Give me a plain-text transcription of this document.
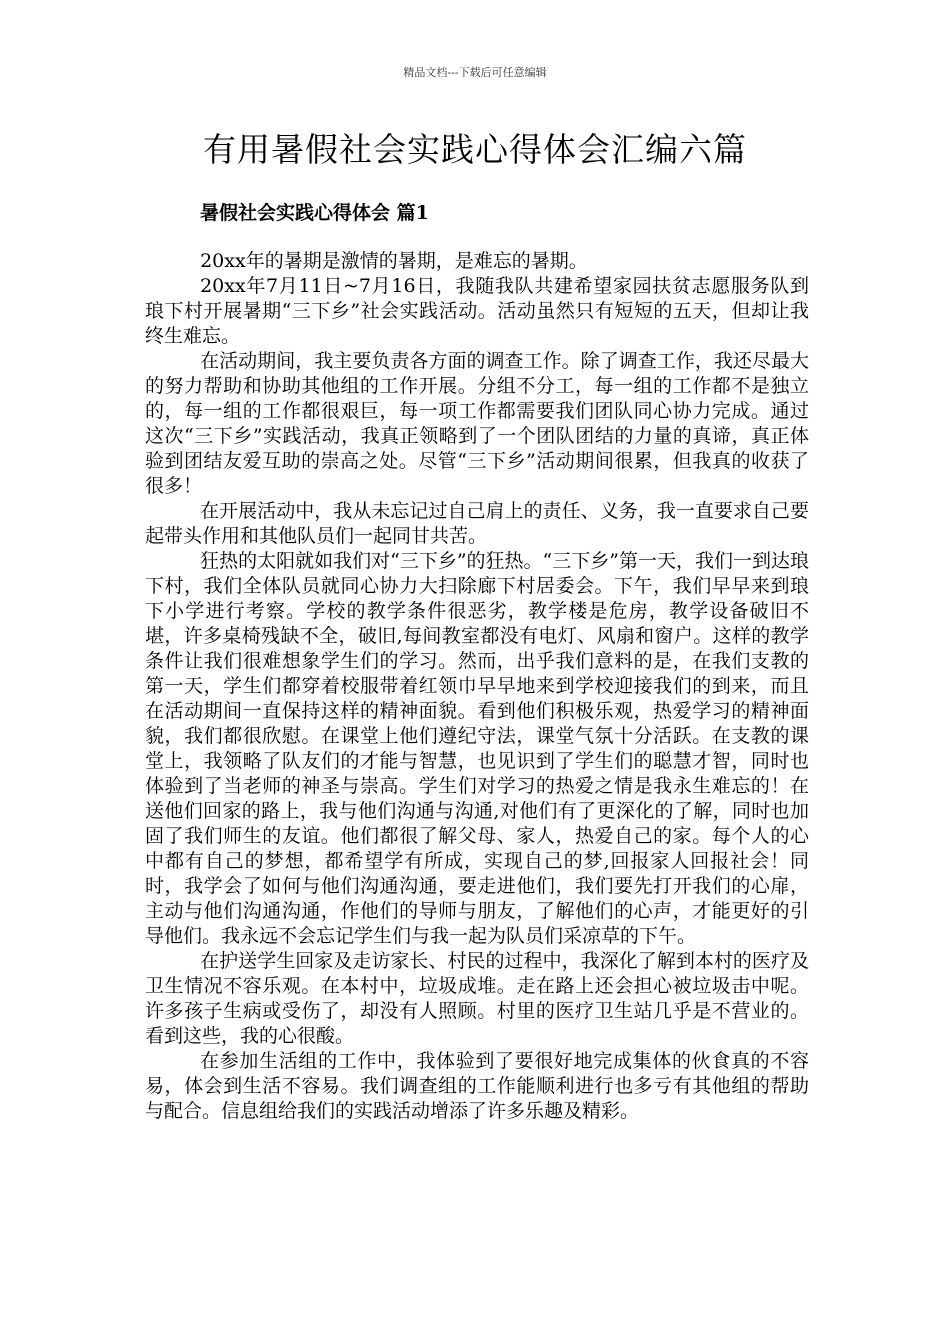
精品文档---下载后可任意编辑
有用暑假社会实践心得体会汇编六篇
暑假社会实践心得体会 篇1

20xx年的暑期是激情的暑期，是难忘的暑期。

20xx年7月11日~7月16日，我随我队共建希望家园扶贫志愿服务队到琅下村开展暑期“三下乡”社会实践活动。活动虽然只有短短的五天，但却让我终生难忘。

在活动期间，我主要负责各方面的调查工作。除了调查工作，我还尽最大的努力帮助和协助其他组的工作开展。分组不分工，每一组的工作都不是独立的，每一组的工作都很艰巨，每一项工作都需要我们团队同心协力完成。通过这次“三下乡”实践活动，我真正领略到了一个团队团结的力量的真谛，真正体验到团结友爱互助的崇高之处。尽管“三下乡”活动期间很累，但我真的收获了很多！

在开展活动中，我从未忘记过自己肩上的责任、义务，我一直要求自己要起带头作用和其他队员们一起同甘共苦。

狂热的太阳就如我们对“三下乡”的狂热。“三下乡”第一天，我们一到达琅下村，我们全体队员就同心协力大扫除廊下村居委会。下午，我们早早来到琅下小学进行考察。学校的教学条件很恶劣，教学楼是危房，教学设备破旧不堪，许多桌椅残缺不全，破旧,每间教室都没有电灯、风扇和窗户。这样的教学条件让我们很难想象学生们的学习。然而，出乎我们意料的是，在我们支教的第一天，学生们都穿着校服带着红领巾早早地来到学校迎接我们的到来，而且在活动期间一直保持这样的精神面貌。看到他们积极乐观，热爱学习的精神面貌，我们都很欣慰。在课堂上他们遵纪守法，课堂气氛十分活跃。在支教的课堂上，我领略了队友们的才能与智慧，也见识到了学生们的聪慧才智，同时也体验到了当老师的神圣与崇高。学生们对学习的热爱之情是我永生难忘的！在送他们回家的路上，我与他们沟通与沟通,对他们有了更深化的了解，同时也加固了我们师生的友谊。他们都很了解父母、家人，热爱自己的家。每个人的心中都有自己的梦想，都希望学有所成，实现自己的梦,回报家人回报社会！同时，我学会了如何与他们沟通沟通，要走进他们，我们要先打开我们的心扉，主动与他们沟通沟通，作他们的导师与朋友，了解他们的心声，才能更好的引导他们。我永远不会忘记学生们与我一起为队员们采凉草的下午。

在护送学生回家及走访家长、村民的过程中，我深化了解到本村的医疗及卫生情况不容乐观。在本村中，垃圾成堆。走在路上还会担心被垃圾击中呢。许多孩子生病或受伤了，却没有人照顾。村里的医疗卫生站几乎是不营业的。看到这些，我的心很酸。

在参加生活组的工作中，我体验到了要很好地完成集体的伙食真的不容易，体会到生活不容易。我们调查组的工作能顺利进行也多亏有其他组的帮助与配合。信息组给我们的实践活动增添了许多乐趣及精彩。
